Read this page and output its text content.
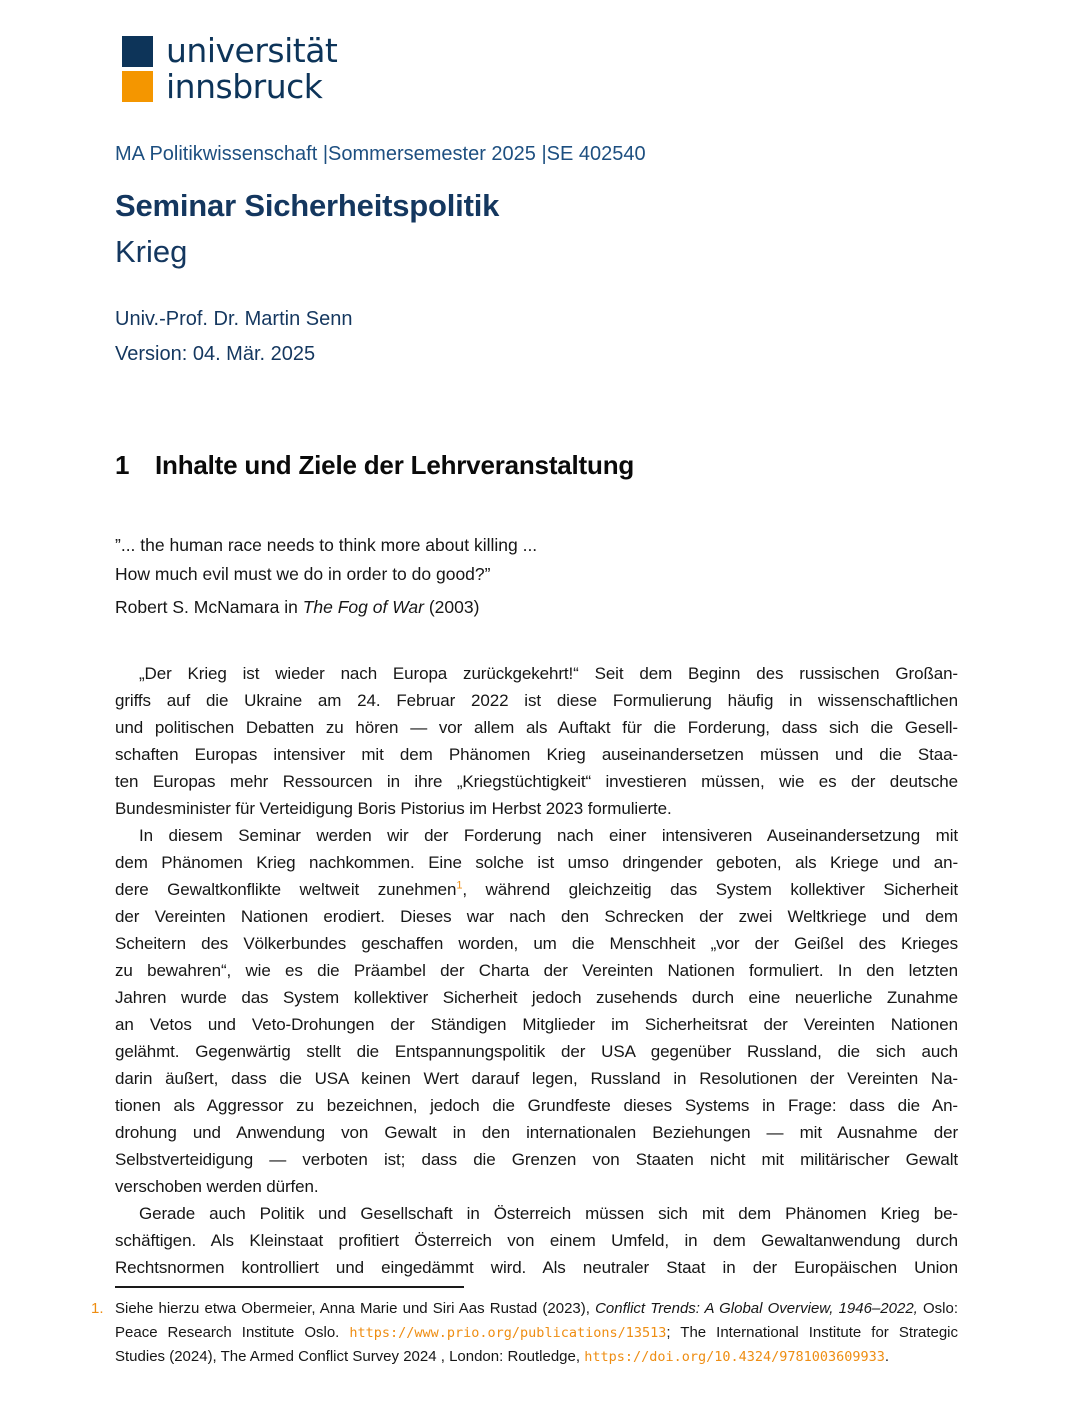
universität
innsbruck
MA Politikwissenschaft |Sommersemester 2025 |SE 402540
Seminar Sicherheitspolitik
Krieg
Univ.-Prof. Dr. Martin Senn
Version: 04. Mär. 2025
1 Inhalte und Ziele der Lehrveranstaltung
”... the human race needs to think more about killing ...
How much evil must we do in order to do good?”
Robert S. McNamara in The Fog of War (2003)
„Der Krieg ist wieder nach Europa zurückgekehrt!“ Seit dem Beginn des russischen Großan-
griffs auf die Ukraine am 24. Februar 2022 ist diese Formulierung häufig in wissenschaftlichen
und politischen Debatten zu hören — vor allem als Auftakt für die Forderung, dass sich die Gesell-
schaften Europas intensiver mit dem Phänomen Krieg auseinandersetzen müssen und die Staa-
ten Europas mehr Ressourcen in ihre „Kriegstüchtigkeit“ investieren müssen, wie es der deutsche
Bundesminister für Verteidigung Boris Pistorius im Herbst 2023 formulierte.
In diesem Seminar werden wir der Forderung nach einer intensiveren Auseinandersetzung mit
dem Phänomen Krieg nachkommen. Eine solche ist umso dringender geboten, als Kriege und an-
dere Gewaltkonflikte weltweit zunehmen$^1$, während gleichzeitig das System kollektiver Sicherheit
der Vereinten Nationen erodiert. Dieses war nach den Schrecken der zwei Weltkriege und dem
Scheitern des Völkerbundes geschaffen worden, um die Menschheit „vor der Geißel des Krieges
zu bewahren“, wie es die Präambel der Charta der Vereinten Nationen formuliert. In den letzten
Jahren wurde das System kollektiver Sicherheit jedoch zusehends durch eine neuerliche Zunahme
an Vetos und Veto-Drohungen der Ständigen Mitglieder im Sicherheitsrat der Vereinten Nationen
gelähmt. Gegenwärtig stellt die Entspannungspolitik der USA gegenüber Russland, die sich auch
darin äußert, dass die USA keinen Wert darauf legen, Russland in Resolutionen der Vereinten Na-
tionen als Aggressor zu bezeichnen, jedoch die Grundfeste dieses Systems in Frage: dass die An-
drohung und Anwendung von Gewalt in den internationalen Beziehungen — mit Ausnahme der
Selbstverteidigung — verboten ist; dass die Grenzen von Staaten nicht mit militärischer Gewalt
verschoben werden dürfen.
Gerade auch Politik und Gesellschaft in Österreich müssen sich mit dem Phänomen Krieg be-
schäftigen. Als Kleinstaat profitiert Österreich von einem Umfeld, in dem Gewaltanwendung durch
Rechtsnormen kontrolliert und eingedämmt wird. Als neutraler Staat in der Europäischen Union
1. Siehe hierzu etwa Obermeier, Anna Marie und Siri Aas Rustad (2023), Conflict Trends: A Global Overview, 1946–2022, Oslo: Peace Research Institute Oslo. https://www.prio.org/publications/13513; The International Institute for Strategic Studies (2024), The Armed Conflict Survey 2024 , London: Routledge, https://doi.org/10.4324/9781003609933.
